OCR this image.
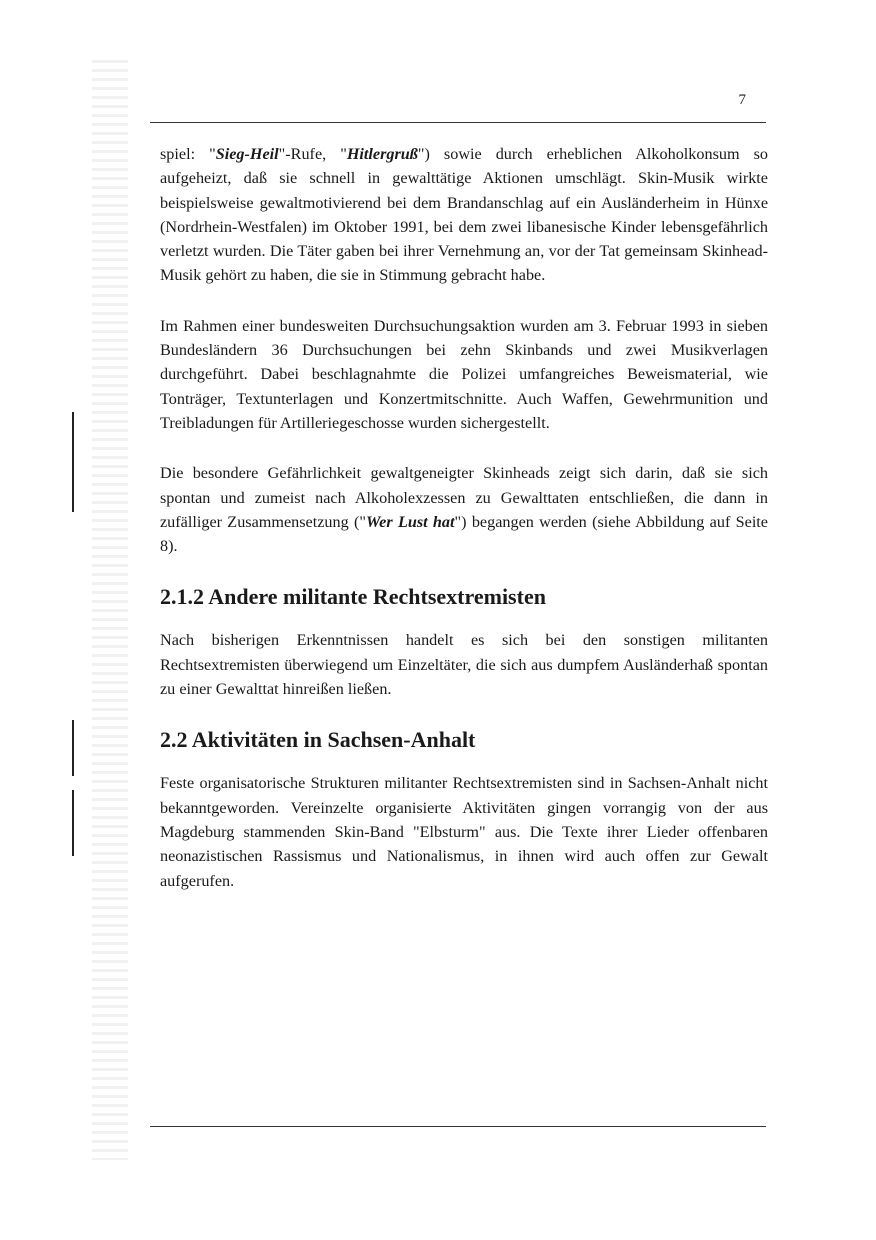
7

spiel: "Sieg-Heil"-Rufe, "Hitlergruß") sowie durch erheblichen Alkoholkonsum so aufgeheizt, daß sie schnell in gewalttätige Aktionen umschlägt. Skin-Musik wirkte beispielsweise gewaltmotivierend bei dem Brandanschlag auf ein Ausländerheim in Hünxe (Nordrhein-Westfalen) im Oktober 1991, bei dem zwei libanesische Kinder lebensgefährlich verletzt wurden. Die Täter gaben bei ihrer Vernehmung an, vor der Tat gemeinsam Skinhead-Musik gehört zu haben, die sie in Stimmung gebracht habe.

Im Rahmen einer bundesweiten Durchsuchungsaktion wurden am 3. Februar 1993 in sieben Bundesländern 36 Durchsuchungen bei zehn Skinbands und zwei Musikverlagen durchgeführt. Dabei beschlagnahmte die Polizei umfangreiches Beweismaterial, wie Tonträger, Textunterlagen und Konzertmitschnitte. Auch Waffen, Gewehrmunition und Treibladungen für Artilleriegeschosse wurden sichergestellt.

Die besondere Gefährlichkeit gewaltgeneigter Skinheads zeigt sich darin, daß sie sich spontan und zumeist nach Alkoholexzessen zu Gewalttaten entschließen, die dann in zufälliger Zusammensetzung ("Wer Lust hat") begangen werden (siehe Abbildung auf Seite 8).

2.1.2 Andere militante Rechtsextremisten

Nach bisherigen Erkenntnissen handelt es sich bei den sonstigen militanten Rechtsextremisten überwiegend um Einzeltäter, die sich aus dumpfem Ausländerhaß spontan zu einer Gewalttat hinreißen ließen.

2.2 Aktivitäten in Sachsen-Anhalt

Feste organisatorische Strukturen militanter Rechtsextremisten sind in Sachsen-Anhalt nicht bekanntgeworden. Vereinzelte organisierte Aktivitäten gingen vorrangig von der aus Magdeburg stammenden Skin-Band "Elbsturm" aus. Die Texte ihrer Lieder offenbaren neonazistischen Rassismus und Nationalismus, in ihnen wird auch offen zur Gewalt aufgerufen.
